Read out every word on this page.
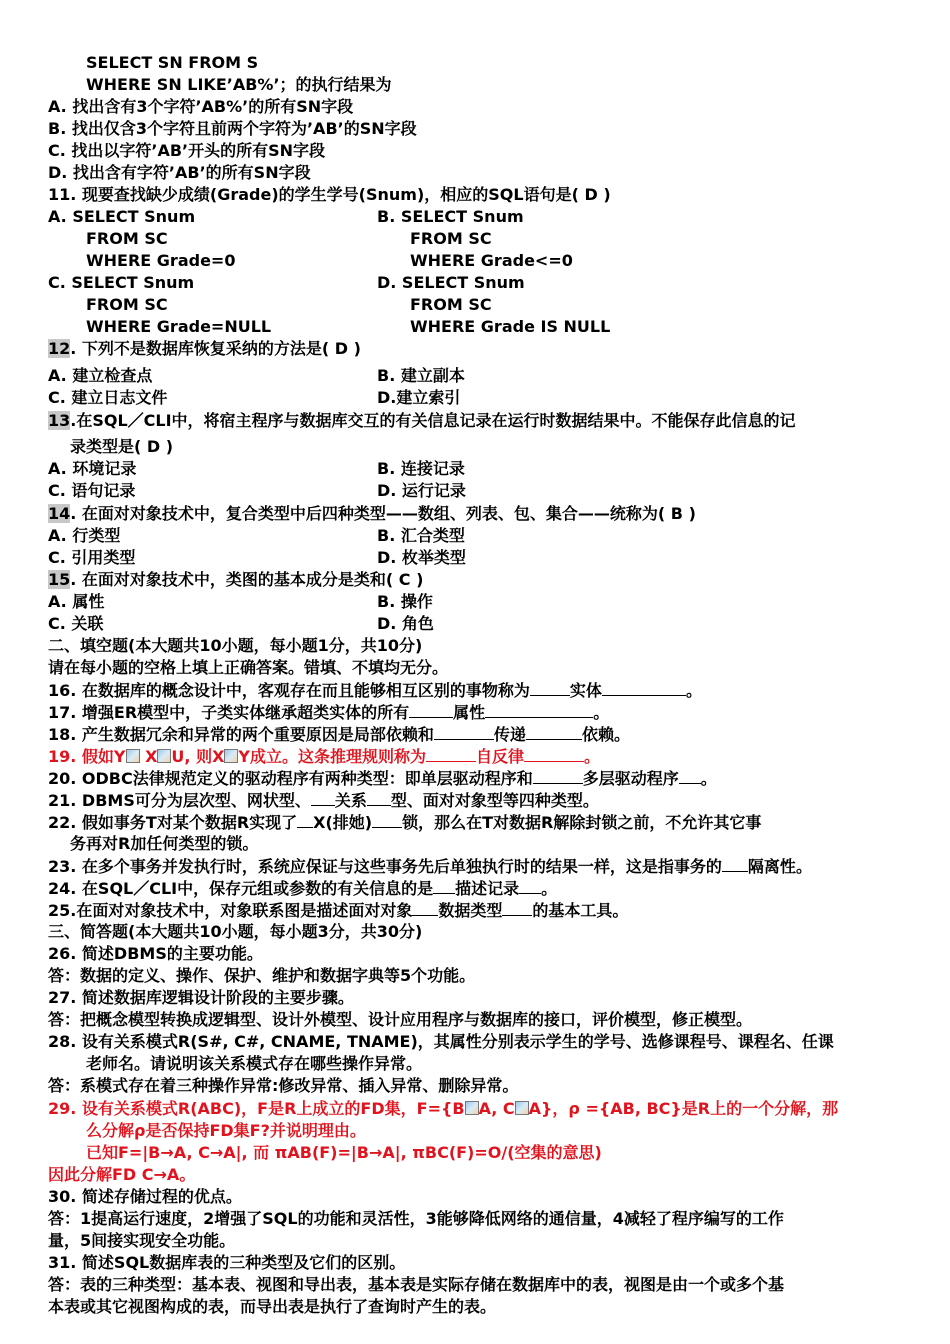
SELECT SN FROM S
WHERE SN LIKE’AB%’；的执行结果为
A. 找出含有3个字符’AB%’的所有SN字段
B. 找出仅含3个字符且前两个字符为’AB’的SN字段
C. 找出以字符’AB’开头的所有SN字段
D. 找出含有字符’AB’的所有SN字段
11. 现要查找缺少成绩(Grade)的学生学号(Snum)，相应的SQL语句是( D )
A. SELECT Snum
FROM SC
WHERE Grade=0
B. SELECT Snum
FROM SC
WHERE Grade<=0
C. SELECT Snum
FROM SC
WHERE Grade=NULL
D. SELECT Snum
FROM SC
WHERE Grade IS NULL
12. 下列不是数据库恢复采纳的方法是( D )
A. 建立检查点	B. 建立副本
C. 建立日志文件	D.建立索引
13.在SQL／CLI中，将宿主程序与数据库交互的有关信息记录在运行时数据结果中。不能保存此信息的记
录类型是( D )
A. 环境记录	B. 连接记录
C. 语句记录	D. 运行记录
14. 在面对对象技术中，复合类型中后四种类型——数组、列表、包、集合——统称为( B )
A. 行类型	B. 汇合类型
C. 引用类型	D. 枚举类型
15. 在面对对象技术中，类图的基本成分是类和( C )
A. 属性	B. 操作
C. 关联	D. 角色
二、填空题(本大题共10小题，每小题1分，共10分)
请在每小题的空格上填上正确答案。错填、不填均无分。
16. 在数据库的概念设计中，客观存在而且能够相互区别的事物称为	实体	。
17. 增强ER模型中，子类实体继承超类实体的所有	属性	。
18. 产生数据冗余和异常的两个重要原因是局部依赖和	传递	依赖。
19. 假如Y X U, 则X Y成立。这条推理规则称为	自反律	。
20. ODBC法律规范定义的驱动程序有两种类型：即单层驱动程序和	多层驱动程序 。
21. DBMS可分为层次型、网状型、 关系 型、面对对象型等四种类型。
22. 假如事务T对某个数据R实现了 X(排她) 锁，那么在T对数据R解除封锁之前，不允许其它事
务再对R加任何类型的锁。
23. 在多个事务并发执行时，系统应保证与这些事务先后单独执行时的结果一样，这是指事务的 隔离性。
24. 在SQL／CLI中，保存元组或参数的有关信息的是 描述记录 。
25.在面对对象技术中，对象联系图是描述面对对象 数据类型 的基本工具。
三、简答题(本大题共10小题，每小题3分，共30分)
26. 简述DBMS的主要功能。
答：数据的定义、操作、保护、维护和数据字典等5个功能。
27. 简述数据库逻辑设计阶段的主要步骤。
答：把概念模型转换成逻辑型、设计外模型、设计应用程序与数据库的接口，评价模型，修正模型。
28. 设有关系模式R(S#, C#, CNAME, TNAME)，其属性分别表示学生的学号、选修课程号、课程名、任课
老师名。请说明该关系模式存在哪些操作异常。
答：系模式存在着三种操作异常:修改异常、插入异常、删除异常。
29. 设有关系模式R(ABC)，F是R上成立的FD集，F={B A, C A}，ρ ={AB, BC}是R上的一个分解，那
么分解ρ是否保持FD集F?并说明理由。
已知F=|B→A, C→A|, 而 πAB(F)=|B→A|, πBC(F)=O/(空集的意思)
因此分解FD C→A。
30. 简述存储过程的优点。
答：1提高运行速度，2增强了SQL的功能和灵活性，3能够降低网络的通信量，4减轻了程序编写的工作
量，5间接实现安全功能。
31. 简述SQL数据库表的三种类型及它们的区别。
答：表的三种类型：基本表、视图和导出表，基本表是实际存储在数据库中的表，视图是由一个或多个基
本表或其它视图构成的表，而导出表是执行了查询时产生的表。
